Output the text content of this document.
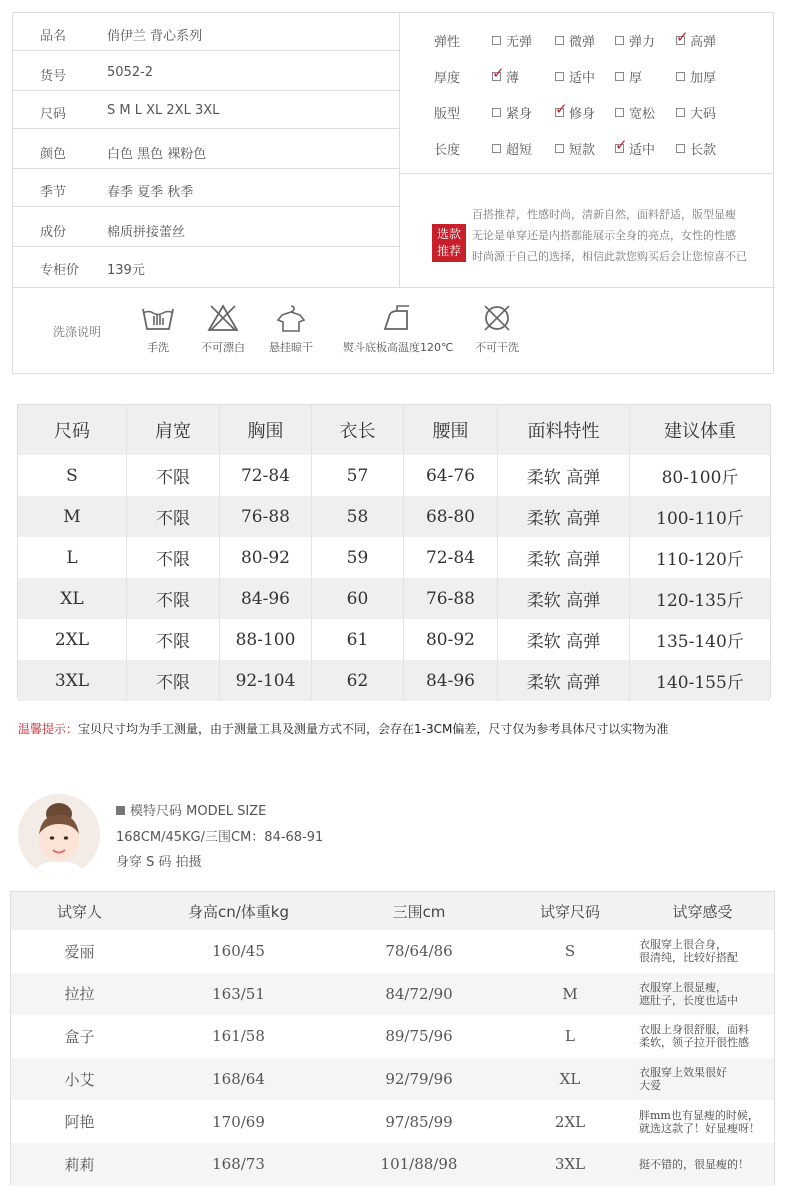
品名	俏伊兰 背心系列
货号	5052-2
尺码	S M L XL 2XL 3XL
颜色	白色 黑色 裸粉色
季节	春季 夏季 秋季
成份	棉质拼接蕾丝
专柜价 139元
弹性	无弹	微弹	弹力 ✓	高弹
厚度 ✓	薄	适中	厚	加厚
版型	紧身 ✓	修身	宽松	大码
长度	超短	短款 ✓	适中	长款
选款
推荐
百搭推荐，性感时尚，清新自然，面料舒适，版型显瘦
无论是单穿还是内搭都能展示全身的亮点，女性的性感
时尚源于自己的选择，相信此款您购买后会让您惊喜不已
洗涤说明
手洗	不可漂白 悬挂晾干	熨斗底板高温度120℃ 不可干洗
尺码	肩宽	胸围	衣长	腰围	面料特性	建议体重
S	不限	72-84	57	64-76	柔软 高弹	80-100斤
M	不限	76-88	58	68-80	柔软 高弹	100-110斤
L	不限	80-92	59	72-84	柔软 高弹	110-120斤
XL	不限	84-96	60	76-88	柔软 高弹	120-135斤
2XL	不限	88-100	61	80-92	柔软 高弹	135-140斤
3XL	不限	92-104	62	84-96	柔软 高弹	140-155斤
温馨提示：宝贝尺寸均为手工测量，由于测量工具及测量方式不同，会存在1-3CM偏差，尺寸仅为参考具体尺寸以实物为准
模特尺码 MODEL SIZE
168CM/45KG/三围CM：84-68-91
身穿 S 码 拍摄
试穿人	身高cn/体重kg	三围cm	试穿尺码	试穿感受
爱丽	160/45	78/64/86	S	衣服穿上很合身，
很清纯，比较好搭配
拉拉	163/51	84/72/90	M	衣服穿上很显瘦，
遮肚子，长度也适中
盒子	161/58	89/75/96	L	衣服上身很舒服，面料
柔软，领子拉开很性感
小艾	168/64	92/79/96	XL	衣服穿上效果很好
大爱
阿艳	170/69	97/85/99	2XL	胖mm也有显瘦的时候，
就选这款了！好显瘦呀！
莉莉	168/73	101/88/98	3XL	挺不错的，很显瘦的！
